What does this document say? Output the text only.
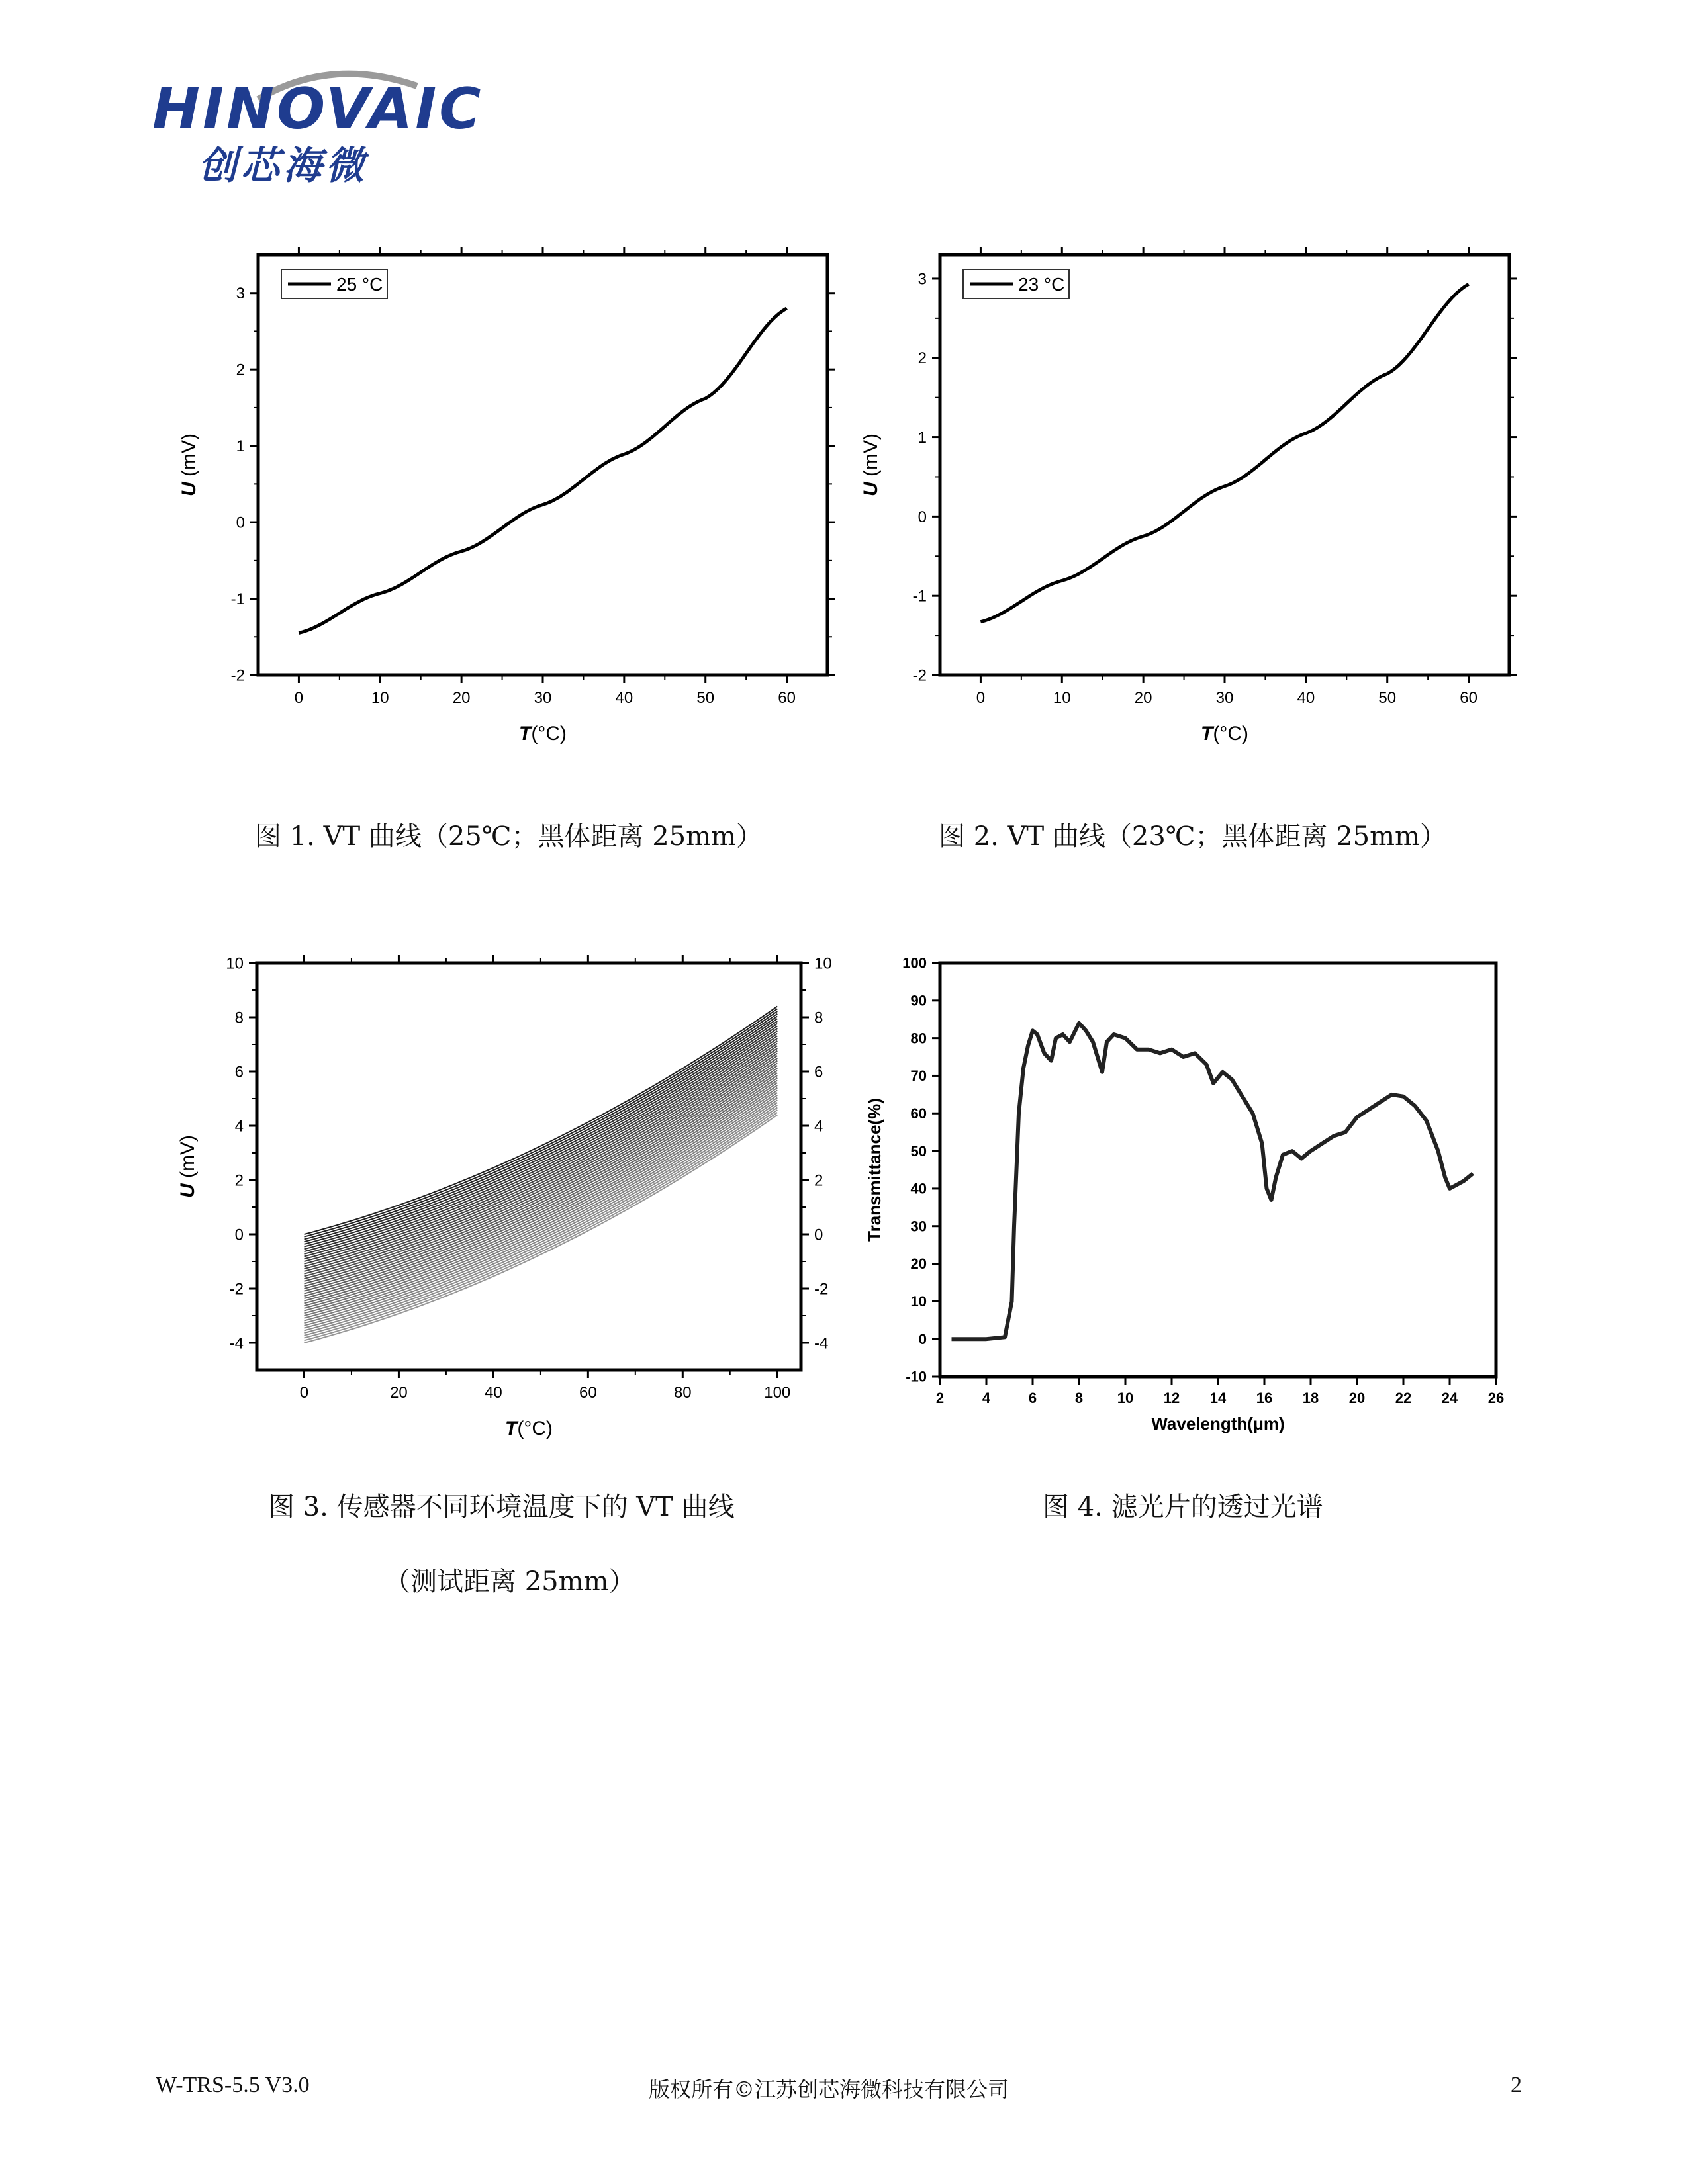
HINOVAIC
创芯海微
0	10	20	30	40	50	60
-2
-1
0
1
2
3
T(°C)
U (mV)
25 °C
图 1. VT 曲线（25℃；黑体距离 25mm）
0	10	20	30	40	50	60
-2
-1
0
1
2
3
T(°C)
U (mV)
23 °C
图 2. VT 曲线（23℃；黑体距离 25mm）
0	20	40	60	80	100
-4	-4
-2	-2
0	0
2	2
4	4
6	6
8	8
10	10
T(°C)
U (mV)
图 3. 传感器不同环境温度下的 VT 曲线
（测试距离 25mm）
2	4	6	8 10 12 14 16 18 20 22 24 26
-10
0
10
20
30
40
50
60
70
80
90
100
Wavelength(μm)
Transmittance(%)
图 4. 滤光片的透过光谱
W-TRS-5.5 V3.0	版权所有©江苏创芯海微科技有限公司	2
